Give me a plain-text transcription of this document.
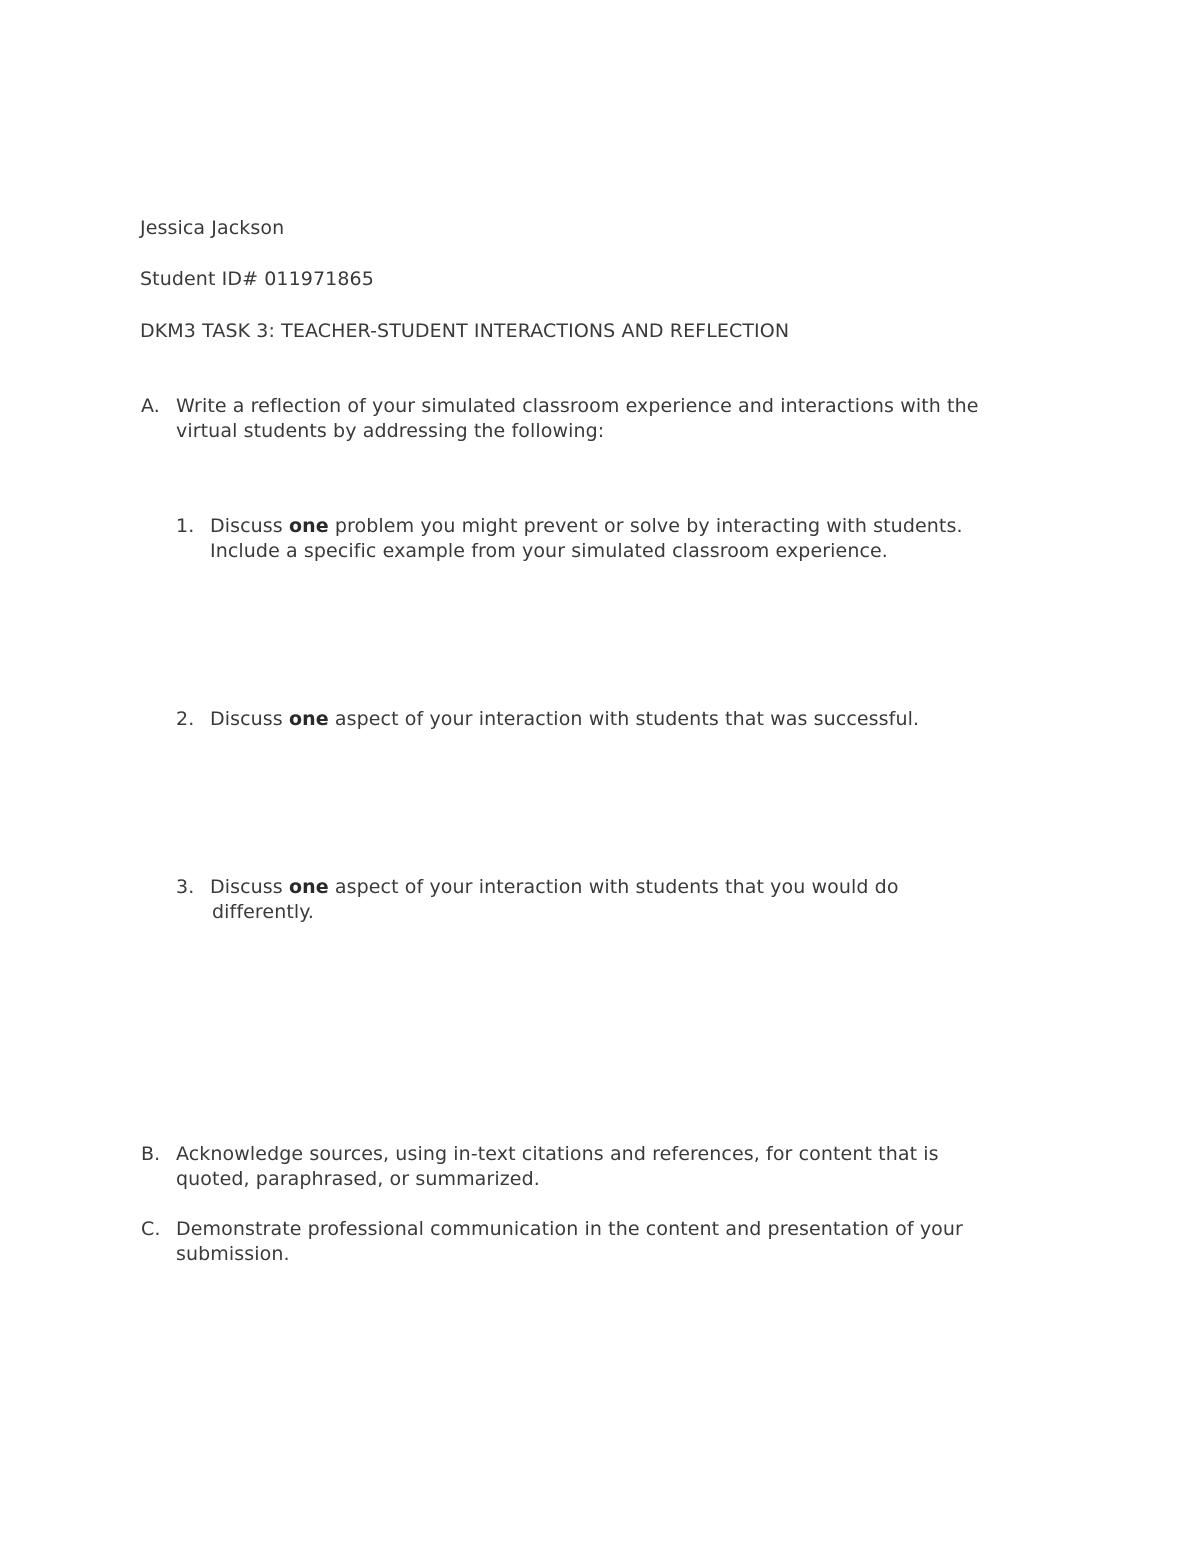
Jessica Jackson
Student ID# 011971865
DKM3 TASK 3: TEACHER-STUDENT INTERACTIONS AND REFLECTION
A. Write a reflection of your simulated classroom experience and interactions with the
virtual students by addressing the following:
1. Discuss one problem you might prevent or solve by interacting with students.
Include a specific example from your simulated classroom experience.
2. Discuss one aspect of your interaction with students that was successful.
3. Discuss one aspect of your interaction with students that you would do
differently.
B. Acknowledge sources, using in-text citations and references, for content that is
quoted, paraphrased, or summarized.
C. Demonstrate professional communication in the content and presentation of your
submission.
